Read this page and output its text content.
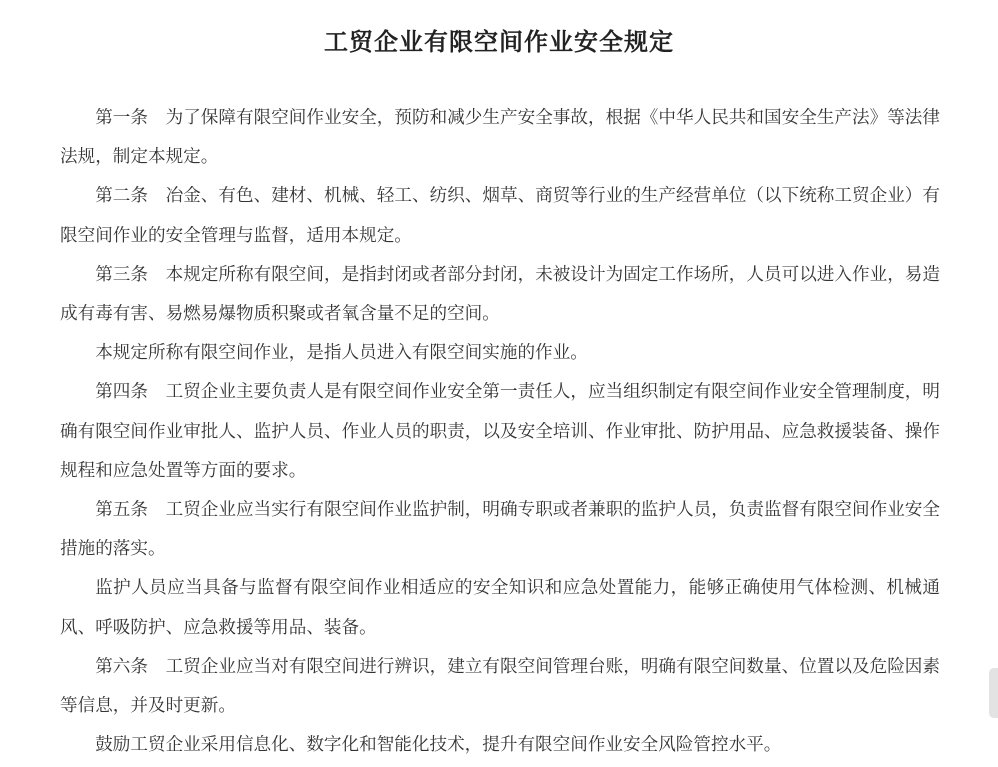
工贸企业有限空间作业安全规定

第一条　为了保障有限空间作业安全，预防和减少生产安全事故，根据《中华人民共和国安全生产法》等法律法规，制定本规定。

第二条　冶金、有色、建材、机械、轻工、纺织、烟草、商贸等行业的生产经营单位（以下统称工贸企业）有限空间作业的安全管理与监督，适用本规定。

第三条　本规定所称有限空间，是指封闭或者部分封闭，未被设计为固定工作场所，人员可以进入作业，易造成有毒有害、易燃易爆物质积聚或者氧含量不足的空间。

本规定所称有限空间作业，是指人员进入有限空间实施的作业。

第四条　工贸企业主要负责人是有限空间作业安全第一责任人，应当组织制定有限空间作业安全管理制度，明确有限空间作业审批人、监护人员、作业人员的职责，以及安全培训、作业审批、防护用品、应急救援装备、操作规程和应急处置等方面的要求。

第五条　工贸企业应当实行有限空间作业监护制，明确专职或者兼职的监护人员，负责监督有限空间作业安全措施的落实。

监护人员应当具备与监督有限空间作业相适应的安全知识和应急处置能力，能够正确使用气体检测、机械通风、呼吸防护、应急救援等用品、装备。

第六条　工贸企业应当对有限空间进行辨识，建立有限空间管理台账，明确有限空间数量、位置以及危险因素等信息，并及时更新。

鼓励工贸企业采用信息化、数字化和智能化技术，提升有限空间作业安全风险管控水平。
